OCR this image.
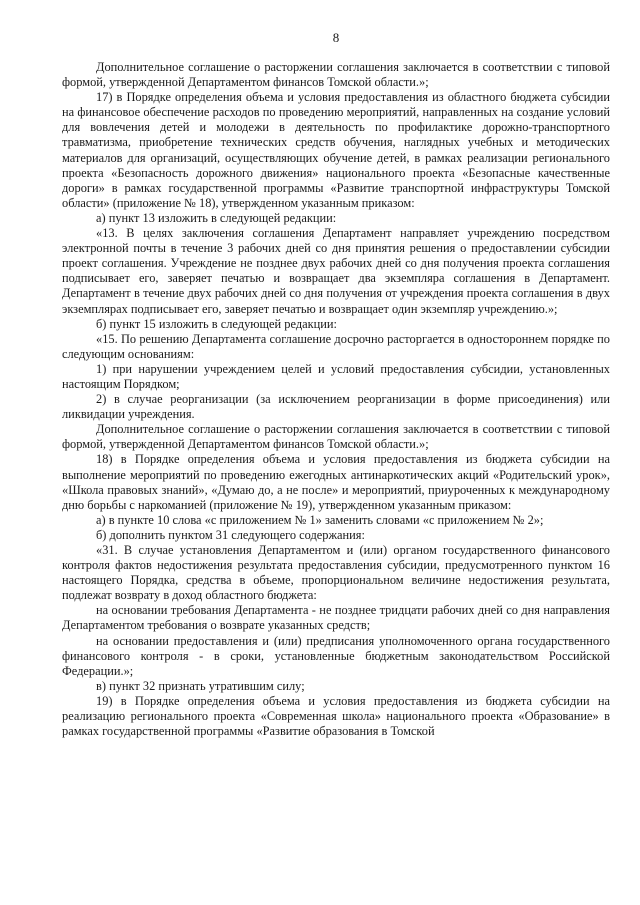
8

Дополнительное соглашение о расторжении соглашения заключается в соответствии с типовой формой, утвержденной Департаментом финансов Томской области.»;

17) в Порядке определения объема и условия предоставления из областного бюджета субсидии на финансовое обеспечение расходов по проведению мероприятий, направленных на создание условий для вовлечения детей и молодежи в деятельность по профилактике дорожно-транспортного травматизма, приобретение технических средств обучения, наглядных учебных и методических материалов для организаций, осуществляющих обучение детей, в рамках реализации регионального проекта «Безопасность дорожного движения» национального проекта «Безопасные качественные дороги» в рамках государственной программы «Развитие транспортной инфраструктуры Томской области» (приложение № 18), утвержденном указанным приказом:

а) пункт 13 изложить в следующей редакции:

«13. В целях заключения соглашения Департамент направляет учреждению посредством электронной почты в течение 3 рабочих дней со дня принятия решения о предоставлении субсидии проект соглашения. Учреждение не позднее двух рабочих дней со дня получения проекта соглашения подписывает его, заверяет печатью и возвращает два экземпляра соглашения в Департамент. Департамент в течение двух рабочих дней со дня получения от учреждения проекта соглашения в двух экземплярах подписывает его, заверяет печатью и возвращает один экземпляр учреждению.»;

б) пункт 15 изложить в следующей редакции:

«15. По решению Департамента соглашение досрочно расторгается в одностороннем порядке по следующим основаниям:

1) при нарушении учреждением целей и условий предоставления субсидии, установленных настоящим Порядком;

2) в случае реорганизации (за исключением реорганизации в форме присоединения) или ликвидации учреждения.

Дополнительное соглашение о расторжении соглашения заключается в соответствии с типовой формой, утвержденной Департаментом финансов Томской области.»;

18) в Порядке определения объема и условия предоставления из бюджета субсидии на выполнение мероприятий по проведению ежегодных антинаркотических акций «Родительский урок», «Школа правовых знаний», «Думаю до, а не после» и мероприятий, приуроченных к международному дню борьбы с наркоманией (приложение № 19), утвержденном указанным приказом:

а) в пункте 10 слова «с приложением № 1» заменить словами «с приложением № 2»;

б) дополнить пунктом 31 следующего содержания:

«31. В случае установления Департаментом и (или) органом государственного финансового контроля фактов недостижения результата предоставления субсидии, предусмотренного пунктом 16 настоящего Порядка, средства в объеме, пропорциональном величине недостижения результата, подлежат возврату в доход областного бюджета:

на основании требования Департамента - не позднее тридцати рабочих дней со дня направления Департаментом требования о возврате указанных средств;

на основании предоставления и (или) предписания уполномоченного органа государственного финансового контроля - в сроки, установленные бюджетным законодательством Российской Федерации.»;

в) пункт 32 признать утратившим силу;

19) в Порядке определения объема и условия предоставления из бюджета субсидии на реализацию регионального проекта «Современная школа» национального проекта «Образование» в рамках государственной программы «Развитие образования в Томской
